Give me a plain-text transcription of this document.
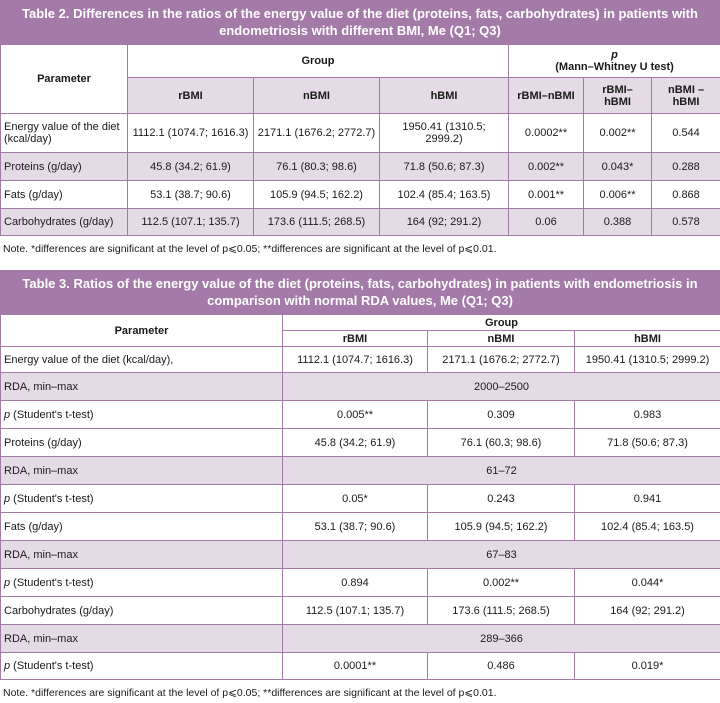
Table 2. Differences in the ratios of the energy value of the diet (proteins, fats, carbohydrates) in patients with endometriosis with different BMI, Me (Q1; Q3)
Parameter	Group			p
(Mann–Whitney U test)		
	rBMI	nBMI	hBMI	rBMI–nBMI	rBMI–hBMI	nBMI –hBMI
Energy value of the diet (kcal/day)	1112.1 (1074.7; 1616.3)	2171.1 (1676.2; 2772.7)	1950.41 (1310.5; 2999.2)	0.0002**	0.002**	0.544
Proteins (g/day)	45.8 (34.2; 61.9)	76.1 (80.3; 98.6)	71.8 (50.6; 87.3)	0.002**	0.043*	0.288
Fats (g/day)	53.1 (38.7; 90.6)	105.9 (94.5; 162.2)	102.4 (85.4; 163.5)	0.001**	0.006**	0.868
Carbohydrates (g/day)	112.5 (107.1; 135.7)	173.6 (111.5; 268.5)	164 (92; 291.2)	0.06	0.388	0.578
Note. *differences are significant at the level of p⩽0.05; **differences are significant at the level of p⩽0.01.
Table 3. Ratios of the energy value of the diet (proteins, fats, carbohydrates) in patients with endometriosis in comparison with normal RDA values, Me (Q1; Q3)
Parameter	Group		
	rBMI	nBMI	hBMI
Energy value of the diet (kcal/day),	1112.1 (1074.7; 1616.3)	2171.1 (1676.2; 2772.7)	1950.41 (1310.5; 2999.2)
RDA, min–max	2000–2500		
p (Student's t-test)	0.005**	0.309	0.983
Proteins (g/day)	45.8 (34.2; 61.9)	76.1 (60.3; 98.6)	71.8 (50.6; 87.3)
RDA, min–max	61–72		
p (Student's t-test)	0.05*	0.243	0.941
Fats (g/day)	53.1 (38.7; 90.6)	105.9 (94.5; 162.2)	102.4 (85.4; 163.5)
RDA, min–max	67–83		
p (Student's t-test)	0.894	0.002**	0.044*
Carbohydrates (g/day)	112.5 (107.1; 135.7)	173.6 (111.5; 268.5)	164 (92; 291.2)
RDA, min–max	289–366		
p (Student's t-test)	0.0001**	0.486	0.019*
Note. *differences are significant at the level of p⩽0.05; **differences are significant at the level of p⩽0.01.
